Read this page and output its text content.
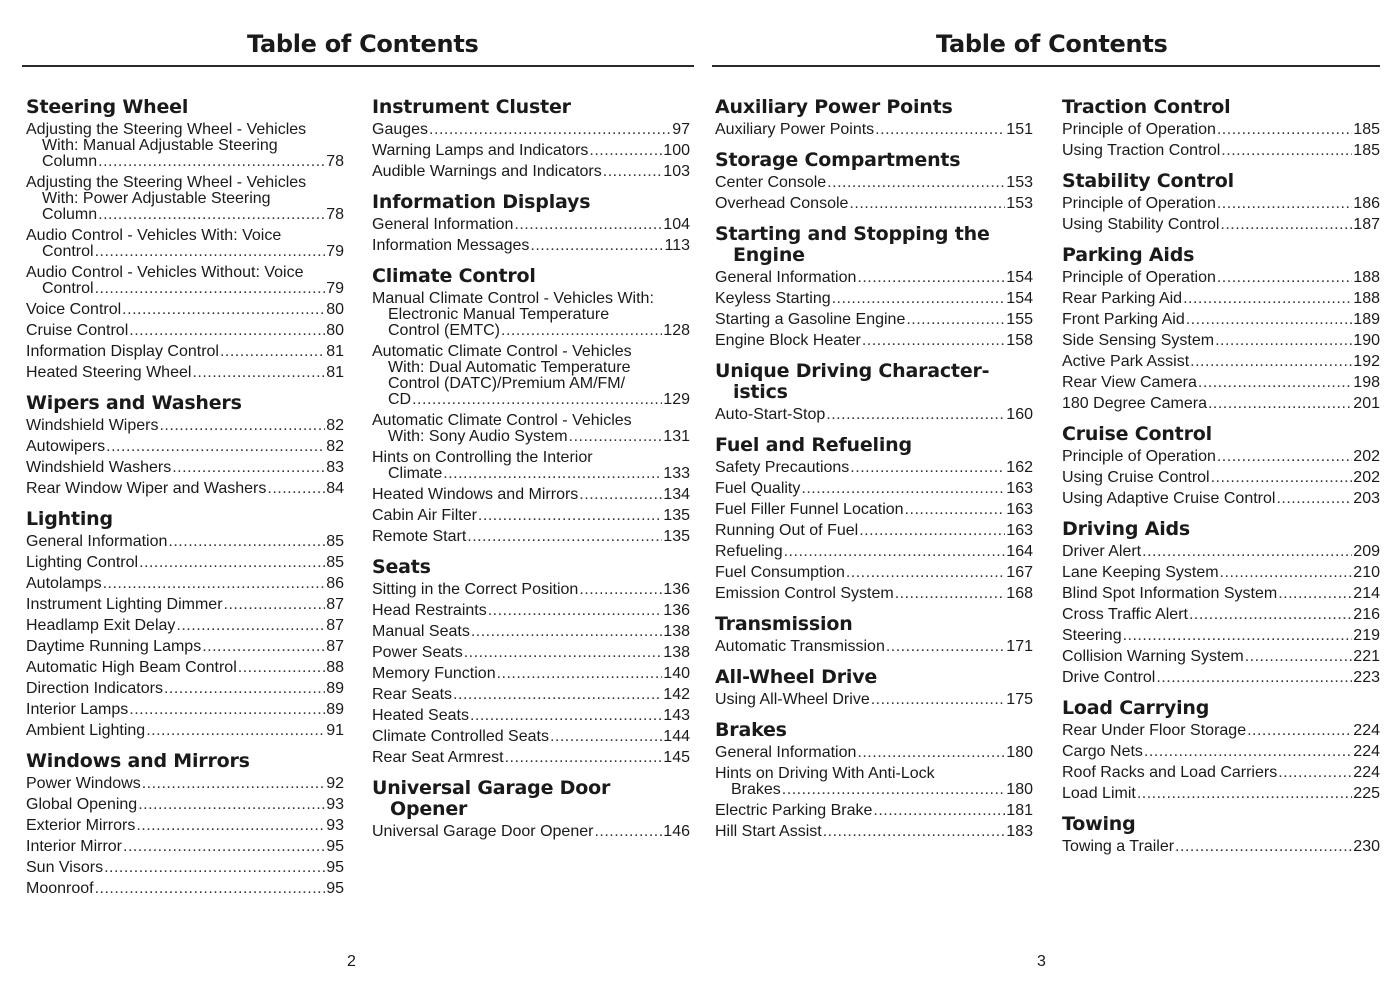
Table of Contents
2
Table of Contents
3
Steering Wheel
Adjusting the Steering Wheel - Vehicles
With: Manual Adjustable Steering
Column .....	78
Adjusting the Steering Wheel - Vehicles
With: Power Adjustable Steering
Column .....	78
Audio Control - Vehicles With: Voice
Control .....	79
Audio Control - Vehicles Without: Voice
Control .....	79
Voice Control .....	80
Cruise Control .....	80
Information Display Control .....	81
Heated Steering Wheel .....	81
Wipers and Washers
Windshield Wipers .....	82
Autowipers .....	82
Windshield Washers .....	83
Rear Window Wiper and Washers .....	84
Lighting
General Information .....	85
Lighting Control .....	85
Autolamps .....	86
Instrument Lighting Dimmer .....	87
Headlamp Exit Delay .....	87
Daytime Running Lamps .....	87
Automatic High Beam Control .....	88
Direction Indicators .....	89
Interior Lamps .....	89
Ambient Lighting .....	91
Windows and Mirrors
Power Windows .....	92
Global Opening .....	93
Exterior Mirrors .....	93
Interior Mirror .....	95
Sun Visors .....	95
Moonroof .....	95
Instrument Cluster
Gauges .....	97
Warning Lamps and Indicators .....	100
Audible Warnings and Indicators .....	103
Information Displays
General Information .....	104
Information Messages .....	113
Climate Control
Manual Climate Control - Vehicles With:
Electronic Manual Temperature
Control (EMTC) .....	128
Automatic Climate Control - Vehicles
With: Dual Automatic Temperature
Control (DATC)/Premium AM/FM/
CD .....	129
Automatic Climate Control - Vehicles
With: Sony Audio System .....	131
Hints on Controlling the Interior
Climate .....	133
Heated Windows and Mirrors .....	134
Cabin Air Filter .....	135
Remote Start .....	135
Seats
Sitting in the Correct Position .....	136
Head Restraints .....	136
Manual Seats .....	138
Power Seats .....	138
Memory Function .....	140
Rear Seats .....	142
Heated Seats .....	143
Climate Controlled Seats .....	144
Rear Seat Armrest .....	145
Universal Garage Door
Opener
Universal Garage Door Opener .....	146
Auxiliary Power Points
Auxiliary Power Points .....	151
Storage Compartments
Center Console .....	153
Overhead Console .....	153
Starting and Stopping the
Engine
General Information .....	154
Keyless Starting .....	154
Starting a Gasoline Engine .....	155
Engine Block Heater .....	158
Unique Driving Character-
istics
Auto-Start-Stop .....	160
Fuel and Refueling
Safety Precautions .....	162
Fuel Quality .....	163
Fuel Filler Funnel Location .....	163
Running Out of Fuel .....	163
Refueling .....	164
Fuel Consumption .....	167
Emission Control System .....	168
Transmission
Automatic Transmission .....	171
All-Wheel Drive
Using All-Wheel Drive .....	175
Brakes
General Information .....	180
Hints on Driving With Anti-Lock
Brakes .....	180
Electric Parking Brake .....	181
Hill Start Assist .....	183
Traction Control
Principle of Operation .....	185
Using Traction Control .....	185
Stability Control
Principle of Operation .....	186
Using Stability Control .....	187
Parking Aids
Principle of Operation .....	188
Rear Parking Aid .....	188
Front Parking Aid .....	189
Side Sensing System .....	190
Active Park Assist .....	192
Rear View Camera .....	198
180 Degree Camera .....	201
Cruise Control
Principle of Operation .....	202
Using Cruise Control .....	202
Using Adaptive Cruise Control .....	203
Driving Aids
Driver Alert .....	209
Lane Keeping System .....	210
Blind Spot Information System .....	214
Cross Traffic Alert .....	216
Steering .....	219
Collision Warning System .....	221
Drive Control .....	223
Load Carrying
Rear Under Floor Storage .....	224
Cargo Nets .....	224
Roof Racks and Load Carriers .....	224
Load Limit .....	225
Towing
Towing a Trailer .....	230
